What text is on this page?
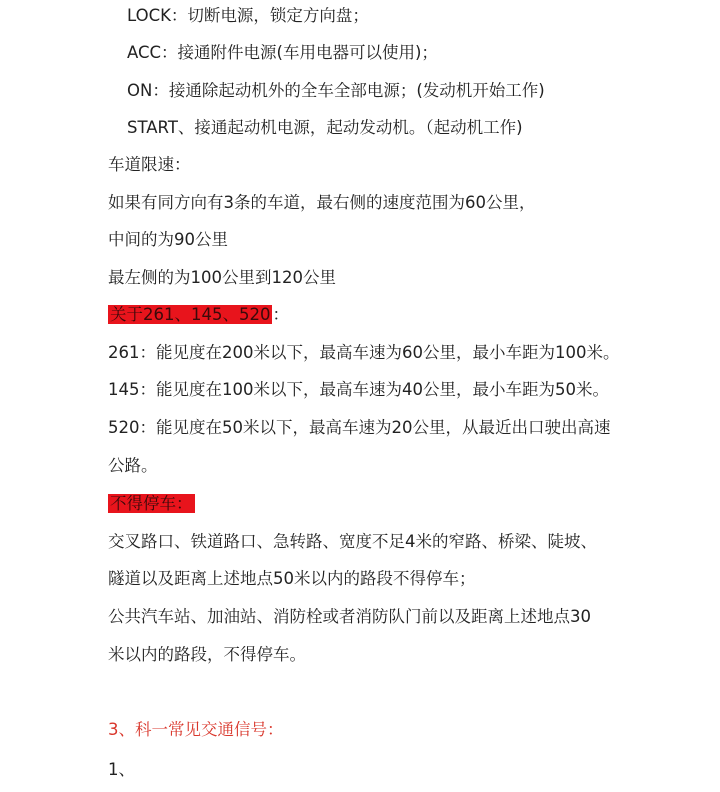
LOCK：切断电源，锁定方向盘；
ACC：接通附件电源(车用电器可以使用)；
ON：接通除起动机外的全车全部电源；(发动机开始工作)
START、接通起动机电源，起动发动机。（起动机工作)
车道限速：
如果有同方向有3条的车道，最右侧的速度范围为60公里，
中间的为90公里
最左侧的为100公里到120公里
关于261、145、520 ：
261：能见度在200米以下，最高车速为60公里，最小车距为100米。
145：能见度在100米以下，最高车速为40公里，最小车距为50米。
520：能见度在50米以下，最高车速为20公里，从最近出口驶出高速
公路。
不得停车：
交叉路口、铁道路口、急转路、宽度不足4米的窄路、桥梁、陡坡、
隧道以及距离上述地点50米以内的路段不得停车；
公共汽车站、加油站、消防栓或者消防队门前以及距离上述地点30
米以内的路段，不得停车。
3、科一常见交通信号：
1、
